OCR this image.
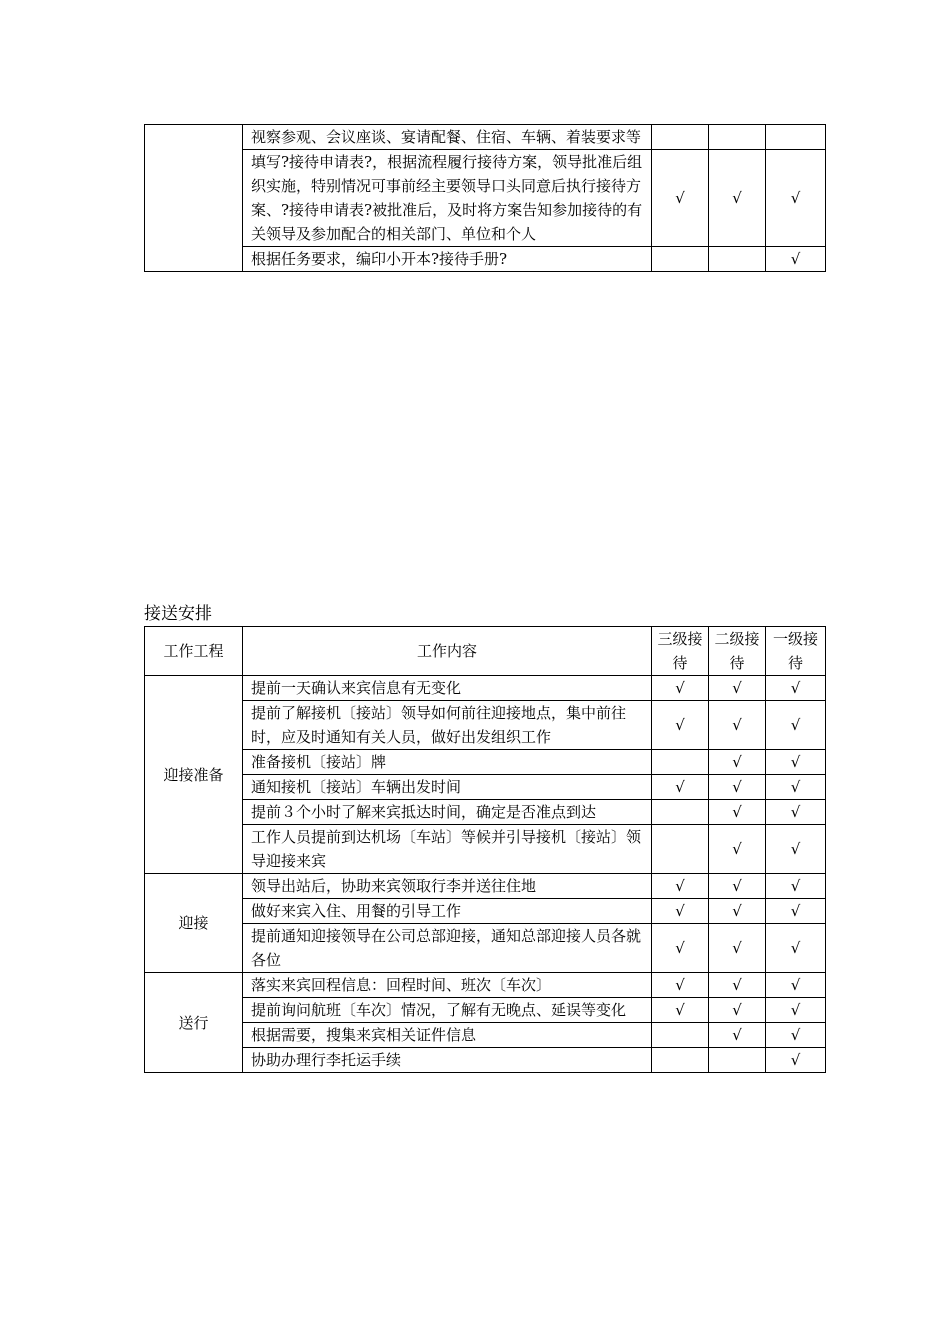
	视察参观、会议座谈、宴请配餐、住宿、车辆、着装要求等			
	填写?接待申请表?，根据流程履行接待方案，领导批准后组织实施，特别情况可事前经主要领导口头同意后执行接待方案、?接待申请表?被批准后，及时将方案告知参加接待的有关领导及参加配合的相关部门、单位和个人	√	√	√
	根据任务要求，编印小开本?接待手册?			√
接送安排
工作工程	工作内容	三级接待	二级接待	一级接待
迎接准备	提前一天确认来宾信息有无变化	√	√	√
	提前了解接机〔接站〕领导如何前往迎接地点，集中前往时，应及时通知有关人员，做好出发组织工作	√	√	√
	准备接机〔接站〕牌		√	√
	通知接机〔接站〕车辆出发时间	√	√	√
	提前３个小时了解来宾抵达时间，确定是否准点到达		√	√
	工作人员提前到达机场〔车站〕等候并引导接机〔接站〕领导迎接来宾		√	√
迎接	领导出站后，协助来宾领取行李并送往住地	√	√	√
	做好来宾入住、用餐的引导工作	√	√	√
	提前通知迎接领导在公司总部迎接，通知总部迎接人员各就各位	√	√	√
送行	落实来宾回程信息：回程时间、班次〔车次〕	√	√	√
	提前询问航班〔车次〕情况，了解有无晚点、延误等变化	√	√	√
	根据需要，搜集来宾相关证件信息		√	√
	协助办理行李托运手续			√
